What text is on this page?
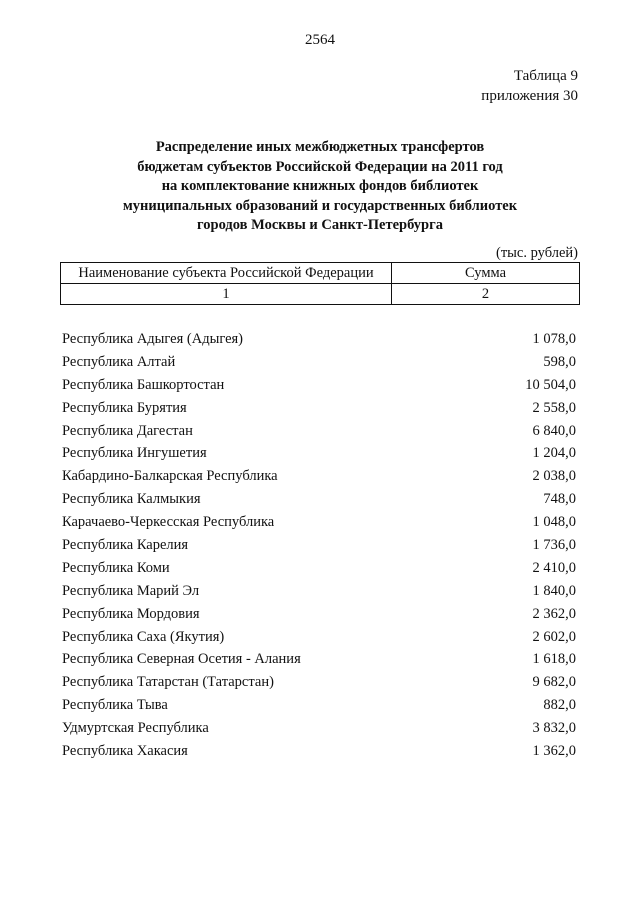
2564
Таблица 9
приложения 30
Распределение иных межбюджетных трансфертов
бюджетам субъектов Российской Федерации на 2011 год
на комплектование книжных фондов библиотек
муниципальных образований и государственных библиотек
городов Москвы и Санкт-Петербурга
(тыс. рублей)
Наименование субъекта Российской Федерации	Сумма
1	2
Республика Адыгея (Адыгея)	1 078,0
Республика Алтай	598,0
Республика Башкортостан	10 504,0
Республика Бурятия	2 558,0
Республика Дагестан	6 840,0
Республика Ингушетия	1 204,0
Кабардино-Балкарская Республика	2 038,0
Республика Калмыкия	748,0
Карачаево-Черкесская Республика	1 048,0
Республика Карелия	1 736,0
Республика Коми	2 410,0
Республика Марий Эл	1 840,0
Республика Мордовия	2 362,0
Республика Саха (Якутия)	2 602,0
Республика Северная Осетия - Алания	1 618,0
Республика Татарстан (Татарстан)	9 682,0
Республика Тыва	882,0
Удмуртская Республика	3 832,0
Республика Хакасия	1 362,0
